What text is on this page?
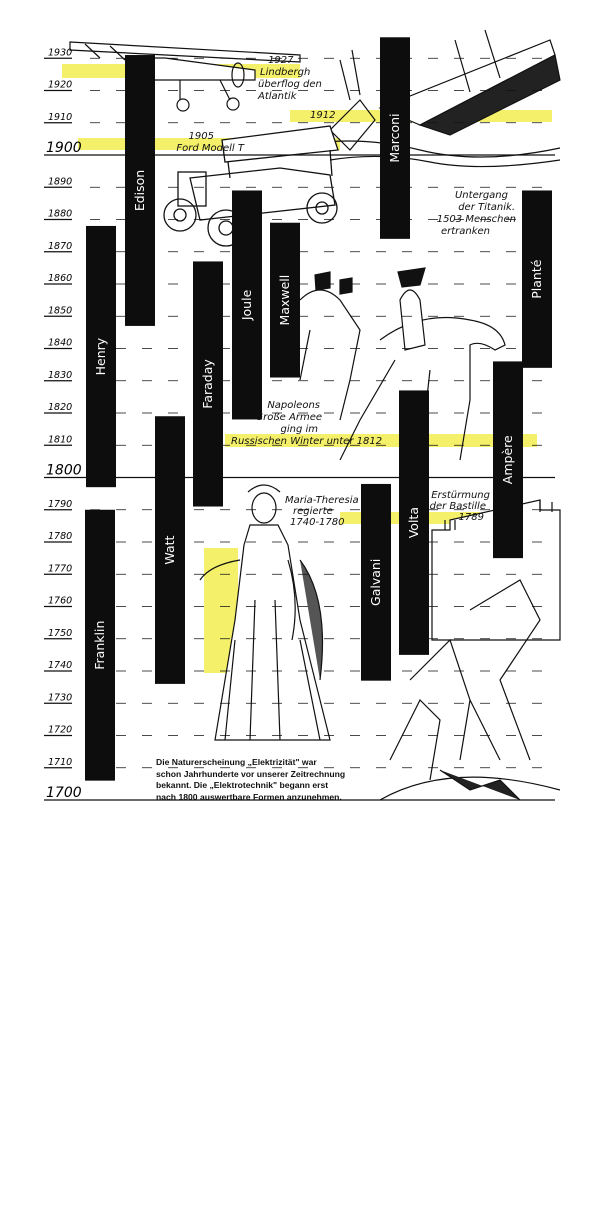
1710
1720
1730
1740
1750
1760
1770
1780
1790
1810
1820
1830
1840
1850
1860
1870
1880
1890
1910
1920
1930
1700
1800
1900
Franklin
Henry
Edison
Watt
Faraday
Joule Maxwell
Galvani
Volta
Marconi
Ampère
Planté
1927
Lindbergh
überflog den
Atlantik
1912
Untergang
der Titanik.
1503 Menschen
ertranken
1905
Ford Modell T
Napoleons
Große Armee
ging im
Russischen Winter unter 1812
Maria-Theresia
regierte
1740-1780
Erstürmung
der Bastille
1789
Die Naturerscheinung „Elektrizität" war
schon Jahrhunderte vor unserer Zeitrechnung
bekannt. Die „Elektrotechnik" begann erst
nach 1800 auswertbare Formen anzunehmen.
